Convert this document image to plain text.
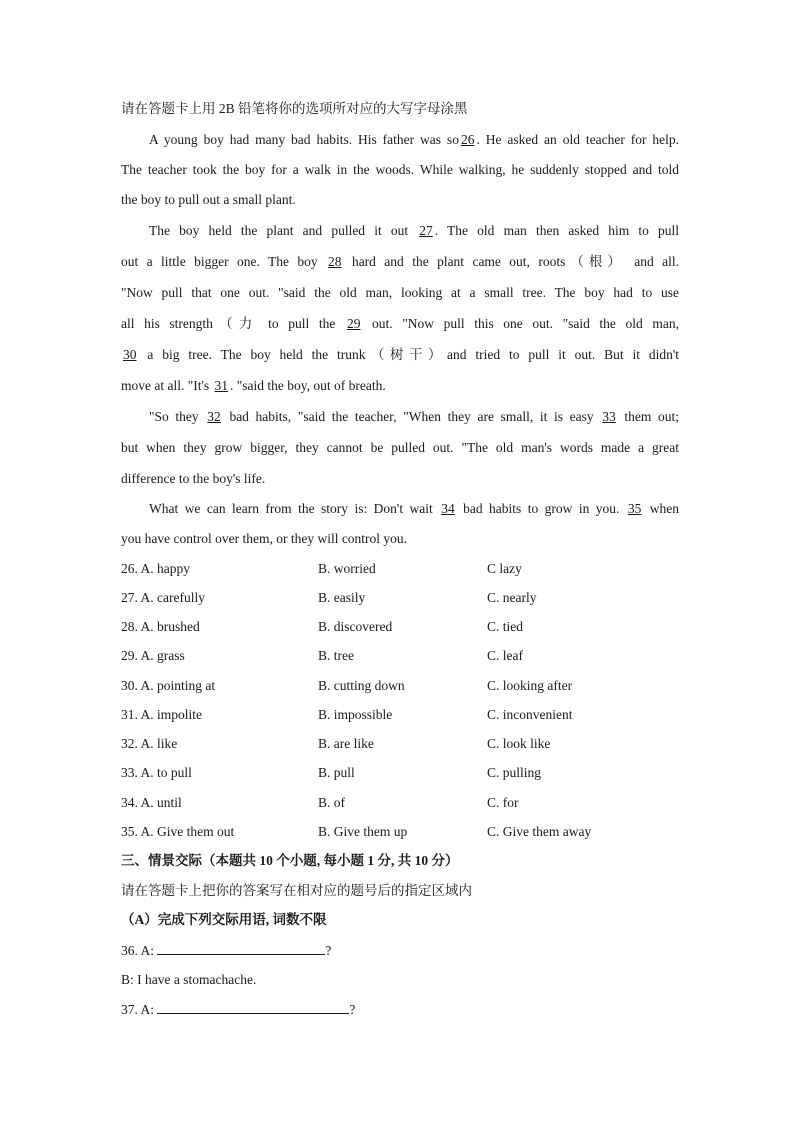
请在答题卡上用 2B 铅笔将你的选项所对应的大写字母涂黑
A young boy had many bad habits. His father was so 26 . He asked an old teacher for help.
The teacher took the boy for a walk in the woods. While walking, he suddenly stopped and told
the boy to pull out a small plant.
The boy held the plant and pulled it out 27 . The old man then asked him to pull
out a little bigger one. The boy 28 hard and the plant came out, roots（根） and all.
"Now pull that one out. "said the old man, looking at a small tree. The boy had to use
all his strength（力 to pull the 29 out. "Now pull this one out. "said the old man,
30 a big tree. The boy held the trunk（树干）and tried to pull it out. But it didn't
move at all. "It's 31 . "said the boy, out of breath.
"So they 32 bad habits, "said the teacher, "When they are small, it is easy 33 them out;
but when they grow bigger, they cannot be pulled out. "The old man's words made a great
difference to the boy's life.
What we can learn from the story is: Don't wait 34 bad habits to grow in you. 35 when
you have control over them, or they will control you.
26. A. happy	B. worried	C lazy
27. A. carefully	B. easily	C. nearly
28. A. brushed	B. discovered	C. tied
29. A. grass	B. tree	C. leaf
30. A. pointing at	B. cutting down	C. looking after
31. A. impolite	B. impossible	C. inconvenient
32. A. like	B. are like	C. look like
33. A. to pull	B. pull	C. pulling
34. A. until	B. of	C. for
35. A. Give them out	B. Give them up	C. Give them away
三、情景交际（本题共 10 个小题, 每小题 1 分, 共 10 分）
请在答题卡上把你的答案写在相对应的题号后的指定区域内
（A）完成下列交际用语, 词数不限
36. A:	?
B: I have a stomachache.
37. A:	?
